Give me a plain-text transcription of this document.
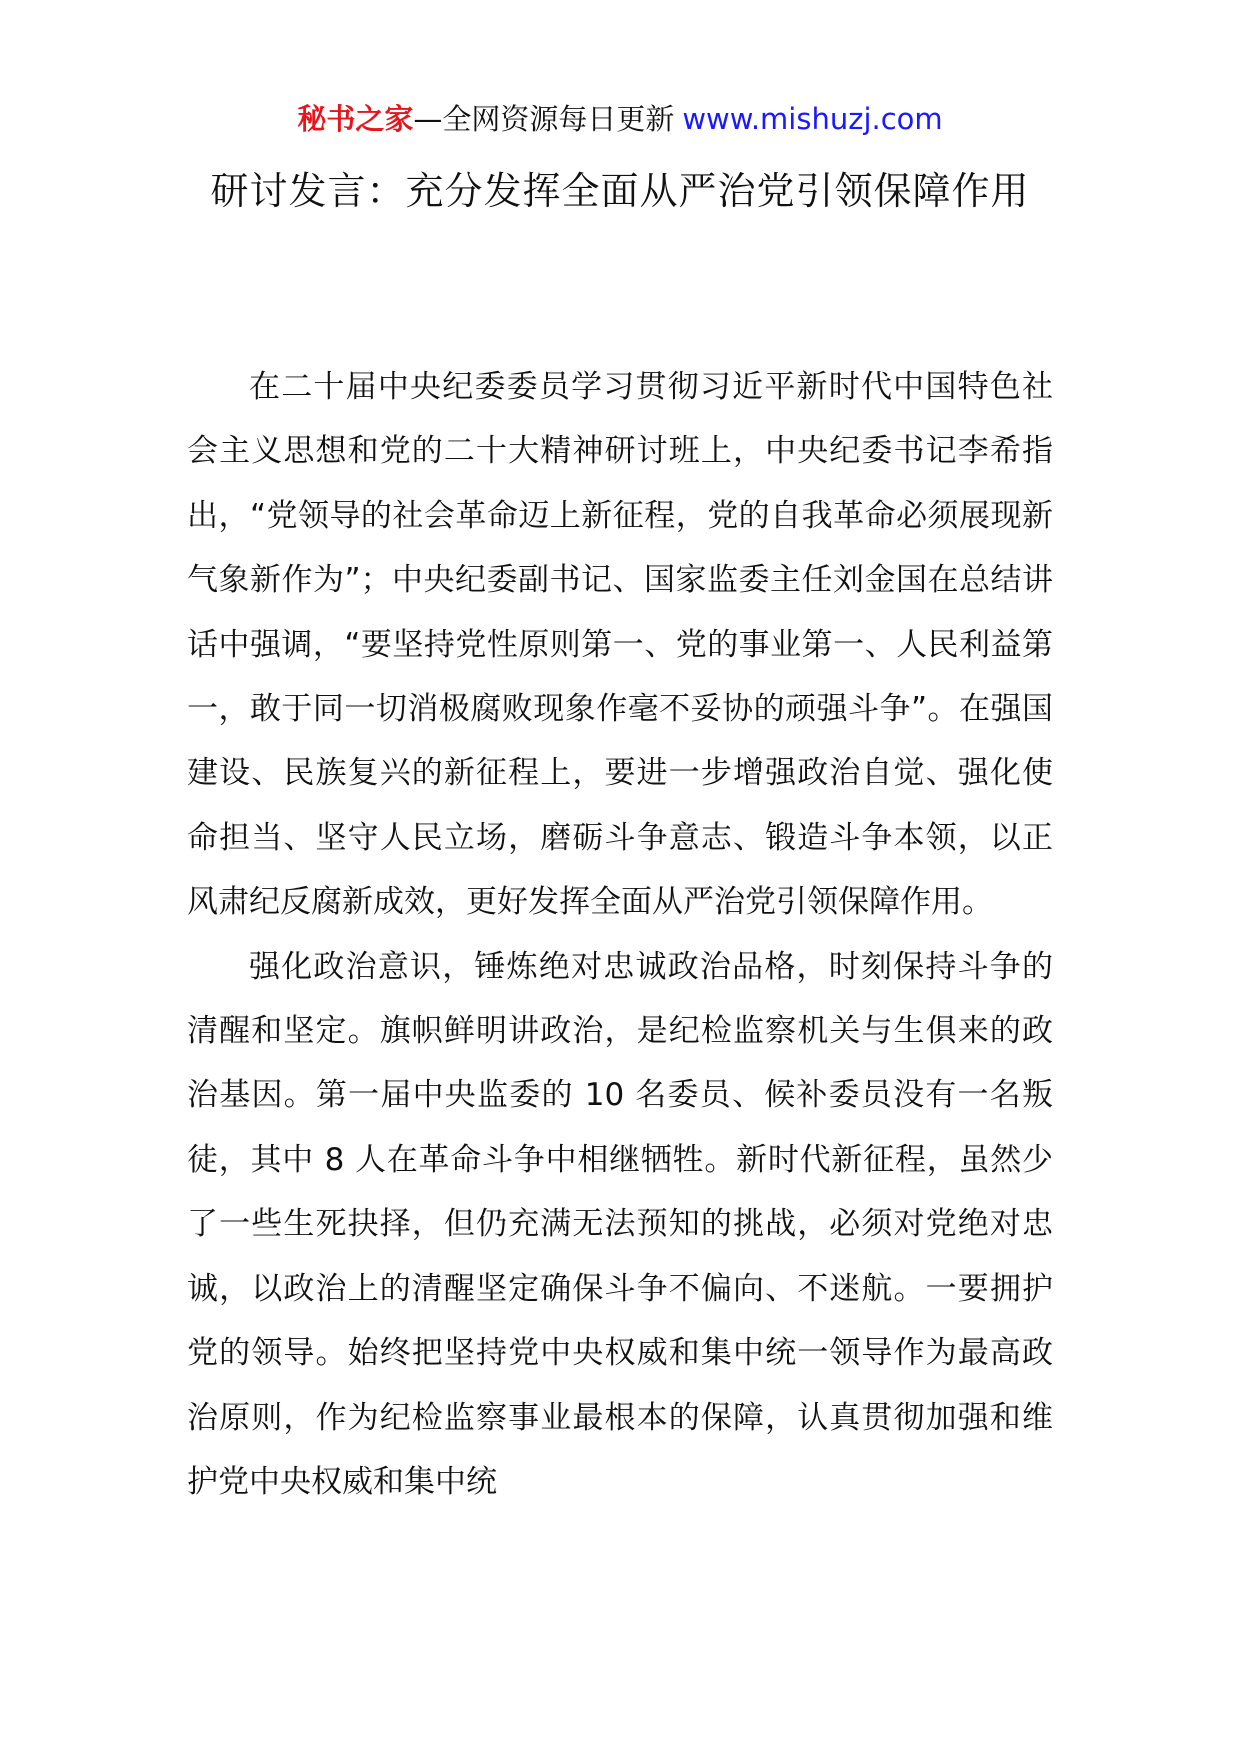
秘书之家—全网资源每日更新 www.mishuzj.com
研讨发言：充分发挥全面从严治党引领保障作用

在二十届中央纪委委员学习贯彻习近平新时代中国特色社会主义思想和党的二十大精神研讨班上，中央纪委书记李希指出，“党领导的社会革命迈上新征程，党的自我革命必须展现新气象新作为”；中央纪委副书记、国家监委主任刘金国在总结讲话中强调，“要坚持党性原则第一、党的事业第一、人民利益第一，敢于同一切消极腐败现象作毫不妥协的顽强斗争”。在强国建设、民族复兴的新征程上，要进一步增强政治自觉、强化使命担当、坚守人民立场，磨砺斗争意志、锻造斗争本领，以正风肃纪反腐新成效，更好发挥全面从严治党引领保障作用。

强化政治意识，锤炼绝对忠诚政治品格，时刻保持斗争的清醒和坚定。旗帜鲜明讲政治，是纪检监察机关与生俱来的政治基因。第一届中央监委的 10 名委员、候补委员没有一名叛徒，其中 8 人在革命斗争中相继牺牲。新时代新征程，虽然少了一些生死抉择，但仍充满无法预知的挑战，必须对党绝对忠诚，以政治上的清醒坚定确保斗争不偏向、不迷航。一要拥护党的领导。始终把坚持党中央权威和集中统一领导作为最高政治原则，作为纪检监察事业最根本的保障，认真贯彻加强和维护党中央权威和集中统
